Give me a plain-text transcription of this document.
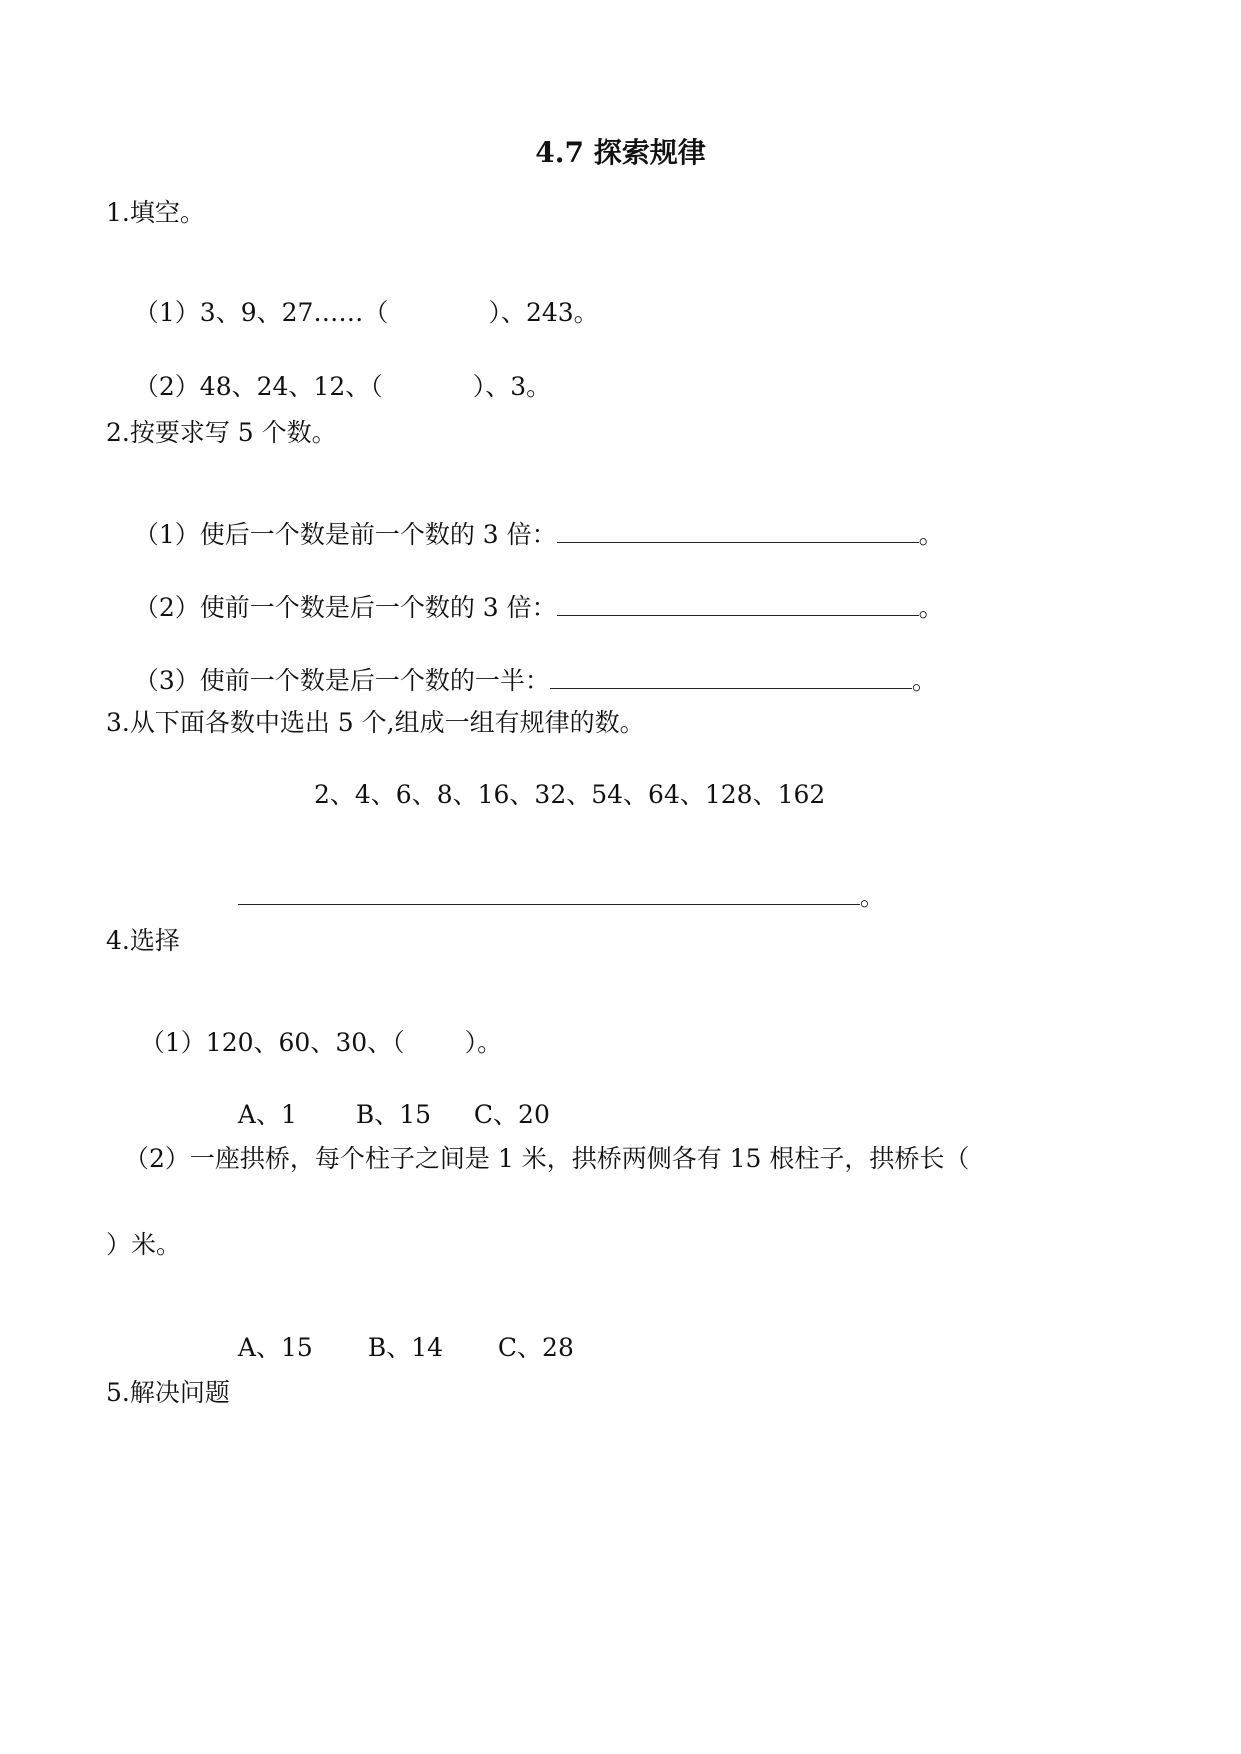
4.7 探索规律
1.填空。

（1）3、9、27……（	）、243。

（2）48、24、12、（	）、3。

2.按要求写 5 个数。

（1）使后一个数是前一个数的 3 倍：	。

（2）使前一个数是后一个数的 3 倍：	。

（3）使前一个数是后一个数的一半：	。

3.从下面各数中选出 5 个,组成一组有规律的数。
2、4、6、8、16、32、54、64、128、162

。

4.选择

（1）120、60、30、（ ）。

A、1 B、15 C、20

（2）一座拱桥，每个柱子之间是 1 米，拱桥两侧各有 15 根柱子，拱桥长（
）米。

A、15 B、14 C、28

5.解决问题
